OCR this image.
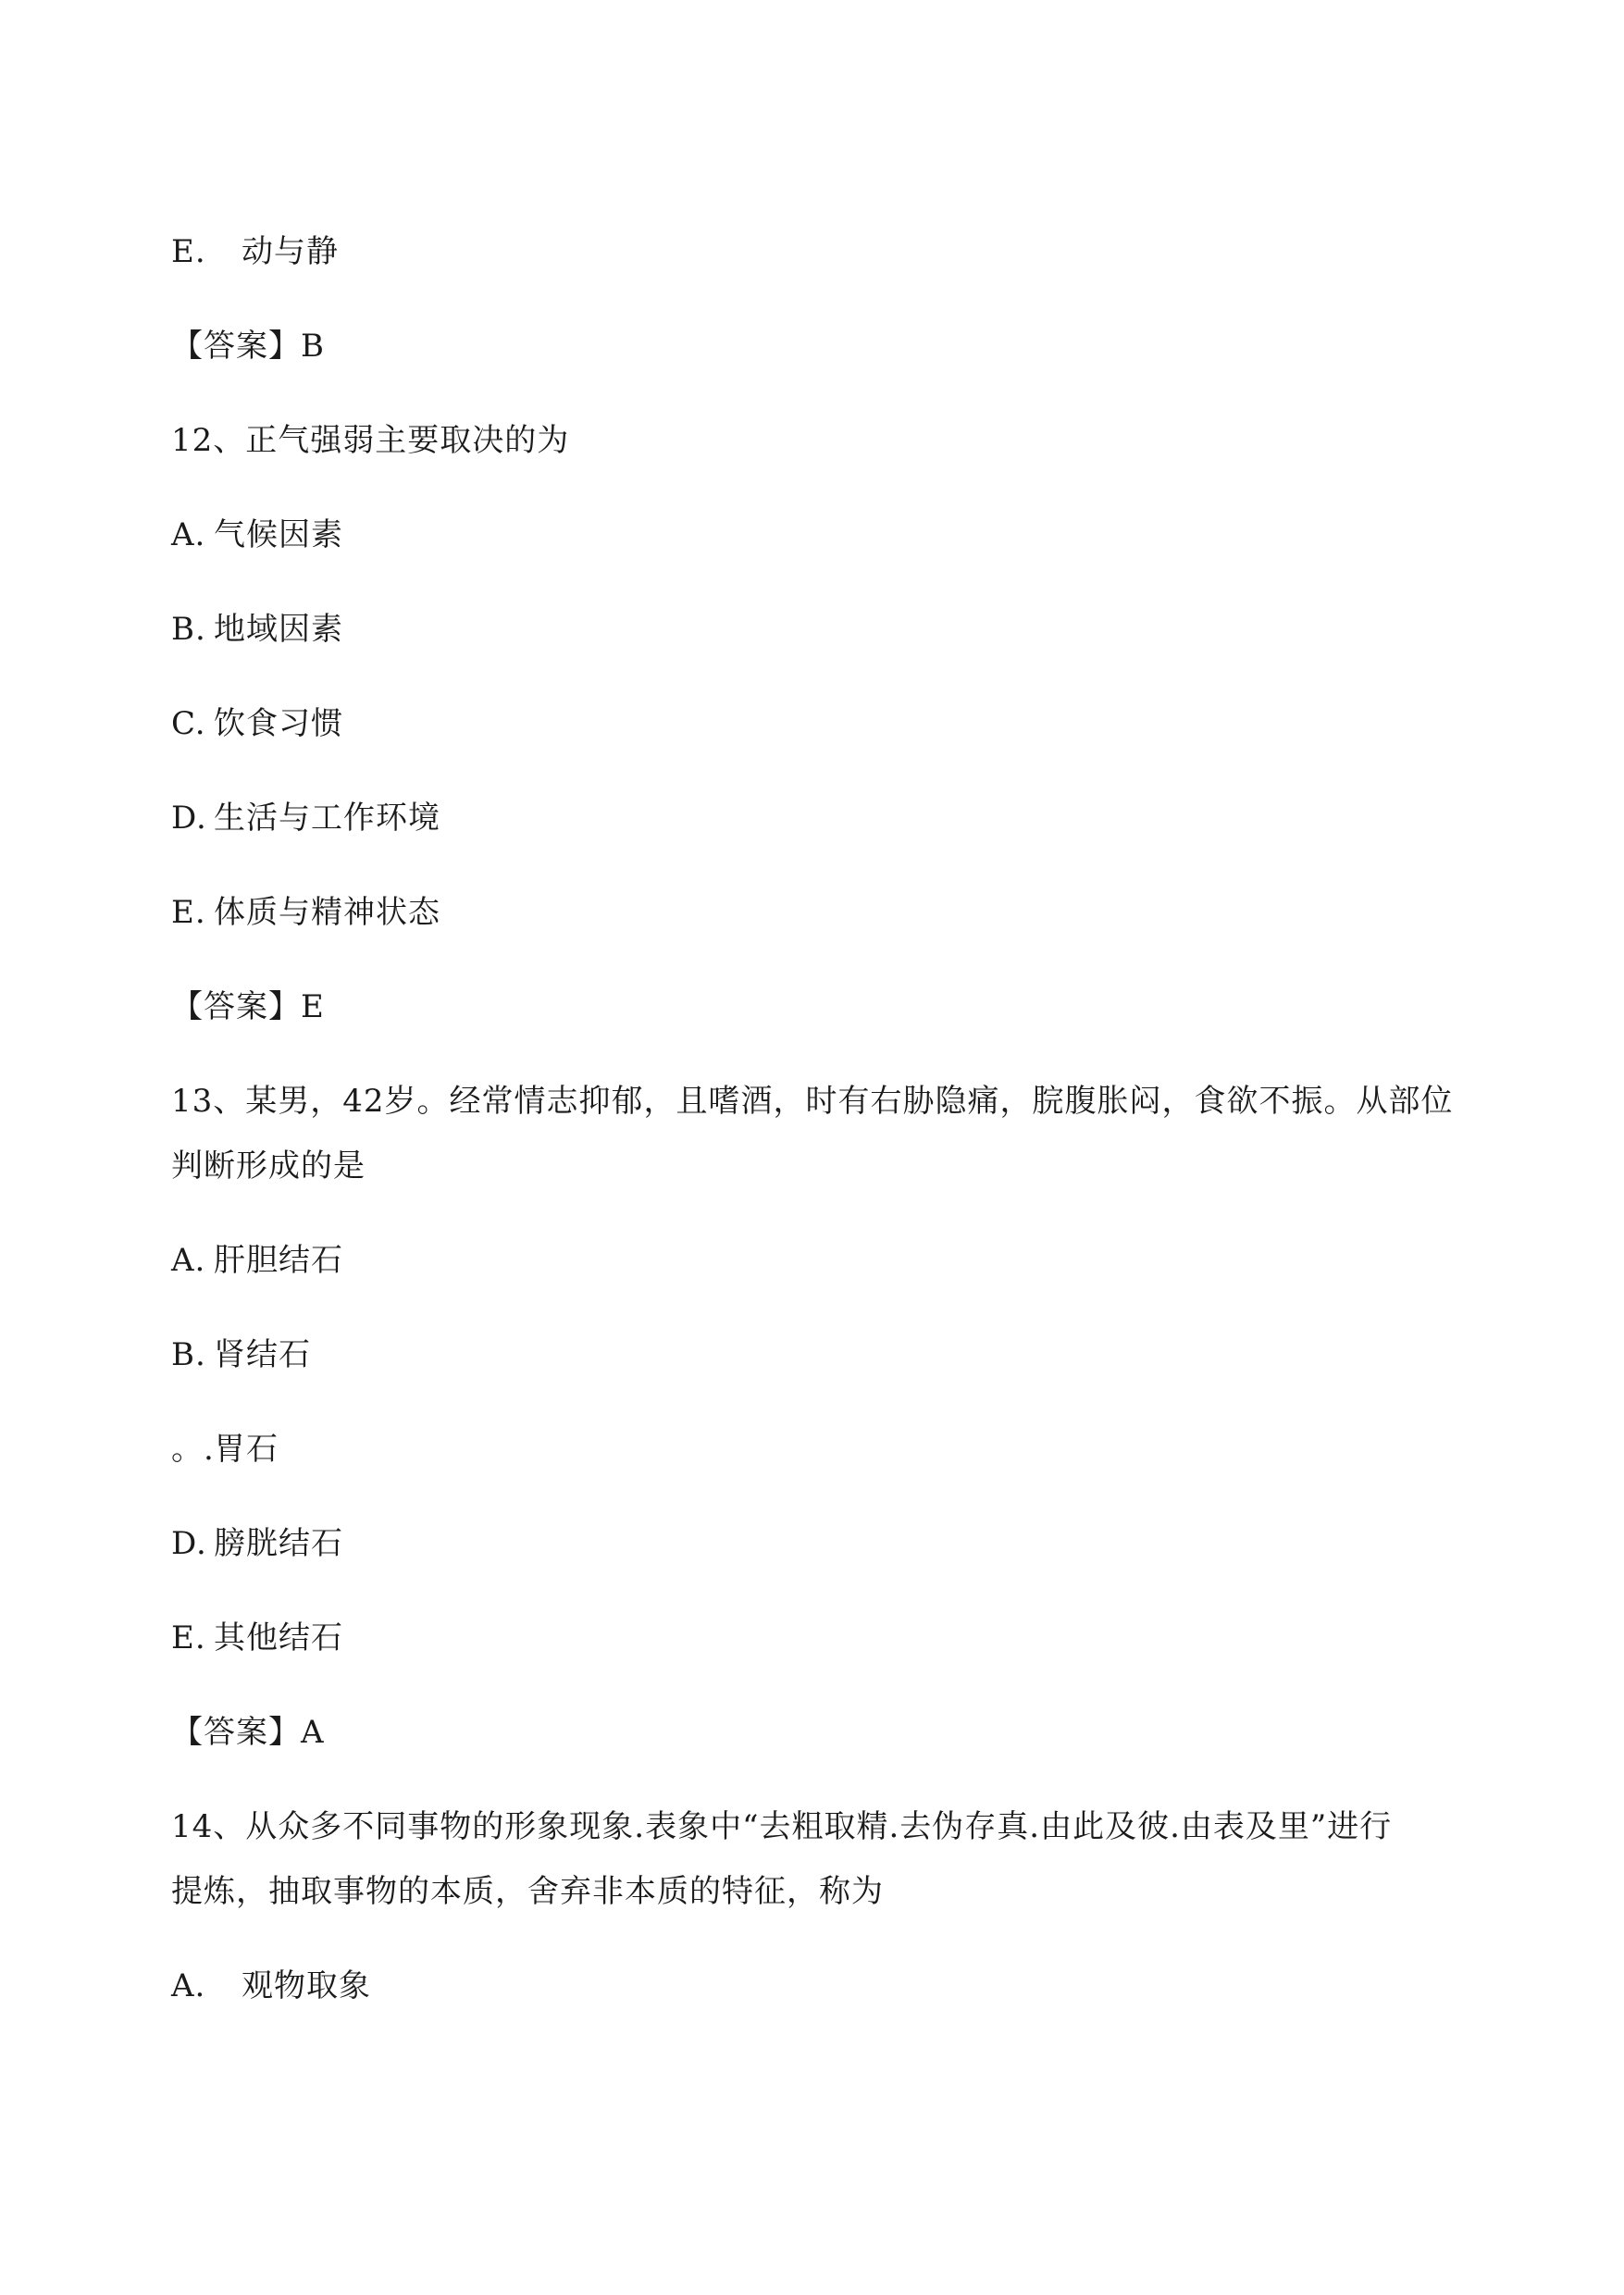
E. 动与静
【答案】B
12、正气强弱主要取决的为
A. 气候因素
B. 地域因素
C. 饮食习惯
D. 生活与工作环境
E. 体质与精神状态
【答案】E
13、某男，42岁。经常情志抑郁，且嗜酒，时有右胁隐痛，脘腹胀闷，食欲不振。从部位
判断形成的是
A. 肝胆结石
B. 肾结石
。.胃石
D. 膀胱结石
E. 其他结石
【答案】A
14、从众多不同事物的形象现象.表象中“去粗取精.去伪存真.由此及彼.由表及里”进行
提炼，抽取事物的本质，舍弃非本质的特征，称为
A. 观物取象
